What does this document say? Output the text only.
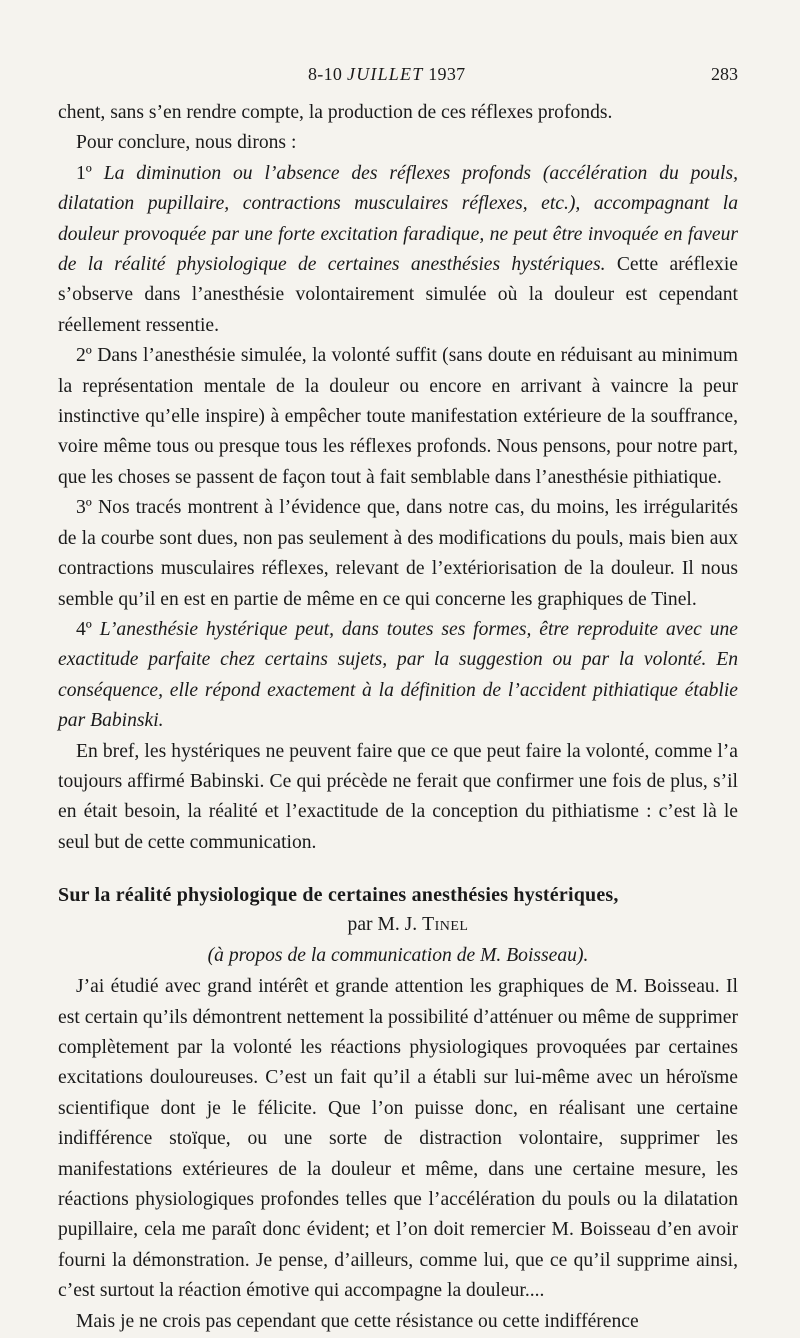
8-10 JUILLET 1937	283

chent, sans s’en rendre compte, la production de ces réflexes profonds.

Pour conclure, nous dirons :

1º La diminution ou l’absence des réflexes profonds (accélération du pouls, dilatation pupillaire, contractions musculaires réflexes, etc.), accompagnant la douleur provoquée par une forte excitation faradique, ne peut être invoquée en faveur de la réalité physiologique de certaines anesthésies hystériques. Cette aréflexie s’observe dans l’anesthésie volontairement simulée où la douleur est cependant réellement ressentie.

2º Dans l’anesthésie simulée, la volonté suffit (sans doute en réduisant au minimum la représentation mentale de la douleur ou encore en arrivant à vaincre la peur instinctive qu’elle inspire) à empêcher toute manifestation extérieure de la souffrance, voire même tous ou presque tous les réflexes profonds. Nous pensons, pour notre part, que les choses se passent de façon tout à fait semblable dans l’anesthésie pithiatique.

3º Nos tracés montrent à l’évidence que, dans notre cas, du moins, les irrégularités de la courbe sont dues, non pas seulement à des modifications du pouls, mais bien aux contractions musculaires réflexes, relevant de l’extériorisation de la douleur. Il nous semble qu’il en est en partie de même en ce qui concerne les graphiques de Tinel.

4º L’anesthésie hystérique peut, dans toutes ses formes, être reproduite avec une exactitude parfaite chez certains sujets, par la suggestion ou par la volonté. En conséquence, elle répond exactement à la définition de l’accident pithiatique établie par Babinski.

En bref, les hystériques ne peuvent faire que ce que peut faire la volonté, comme l’a toujours affirmé Babinski. Ce qui précède ne ferait que confirmer une fois de plus, s’il en était besoin, la réalité et l’exactitude de la conception du pithiatisme : c’est là le seul but de cette communication.

Sur la réalité physiologique de certaines anesthésies hystériques,

par M. J. Tinel

(à propos de la communication de M. Boisseau).

J’ai étudié avec grand intérêt et grande attention les graphiques de M. Boisseau. Il est certain qu’ils démontrent nettement la possibilité d’atténuer ou même de supprimer complètement par la volonté les réactions physiologiques provoquées par certaines excitations douloureuses. C’est un fait qu’il a établi sur lui-même avec un héroïsme scientifique dont je le félicite. Que l’on puisse donc, en réalisant une certaine indifférence stoïque, ou une sorte de distraction volontaire, supprimer les manifestations extérieures de la douleur et même, dans une certaine mesure, les réactions physiologiques profondes telles que l’accélération du pouls ou la dilatation pupillaire, cela me paraît donc évident; et l’on doit remercier M. Boisseau d’en avoir fourni la démonstration. Je pense, d’ailleurs, comme lui, que ce qu’il supprime ainsi, c’est surtout la réaction émotive qui accompagne la douleur....

Mais je ne crois pas cependant que cette résistance ou cette indifférence
